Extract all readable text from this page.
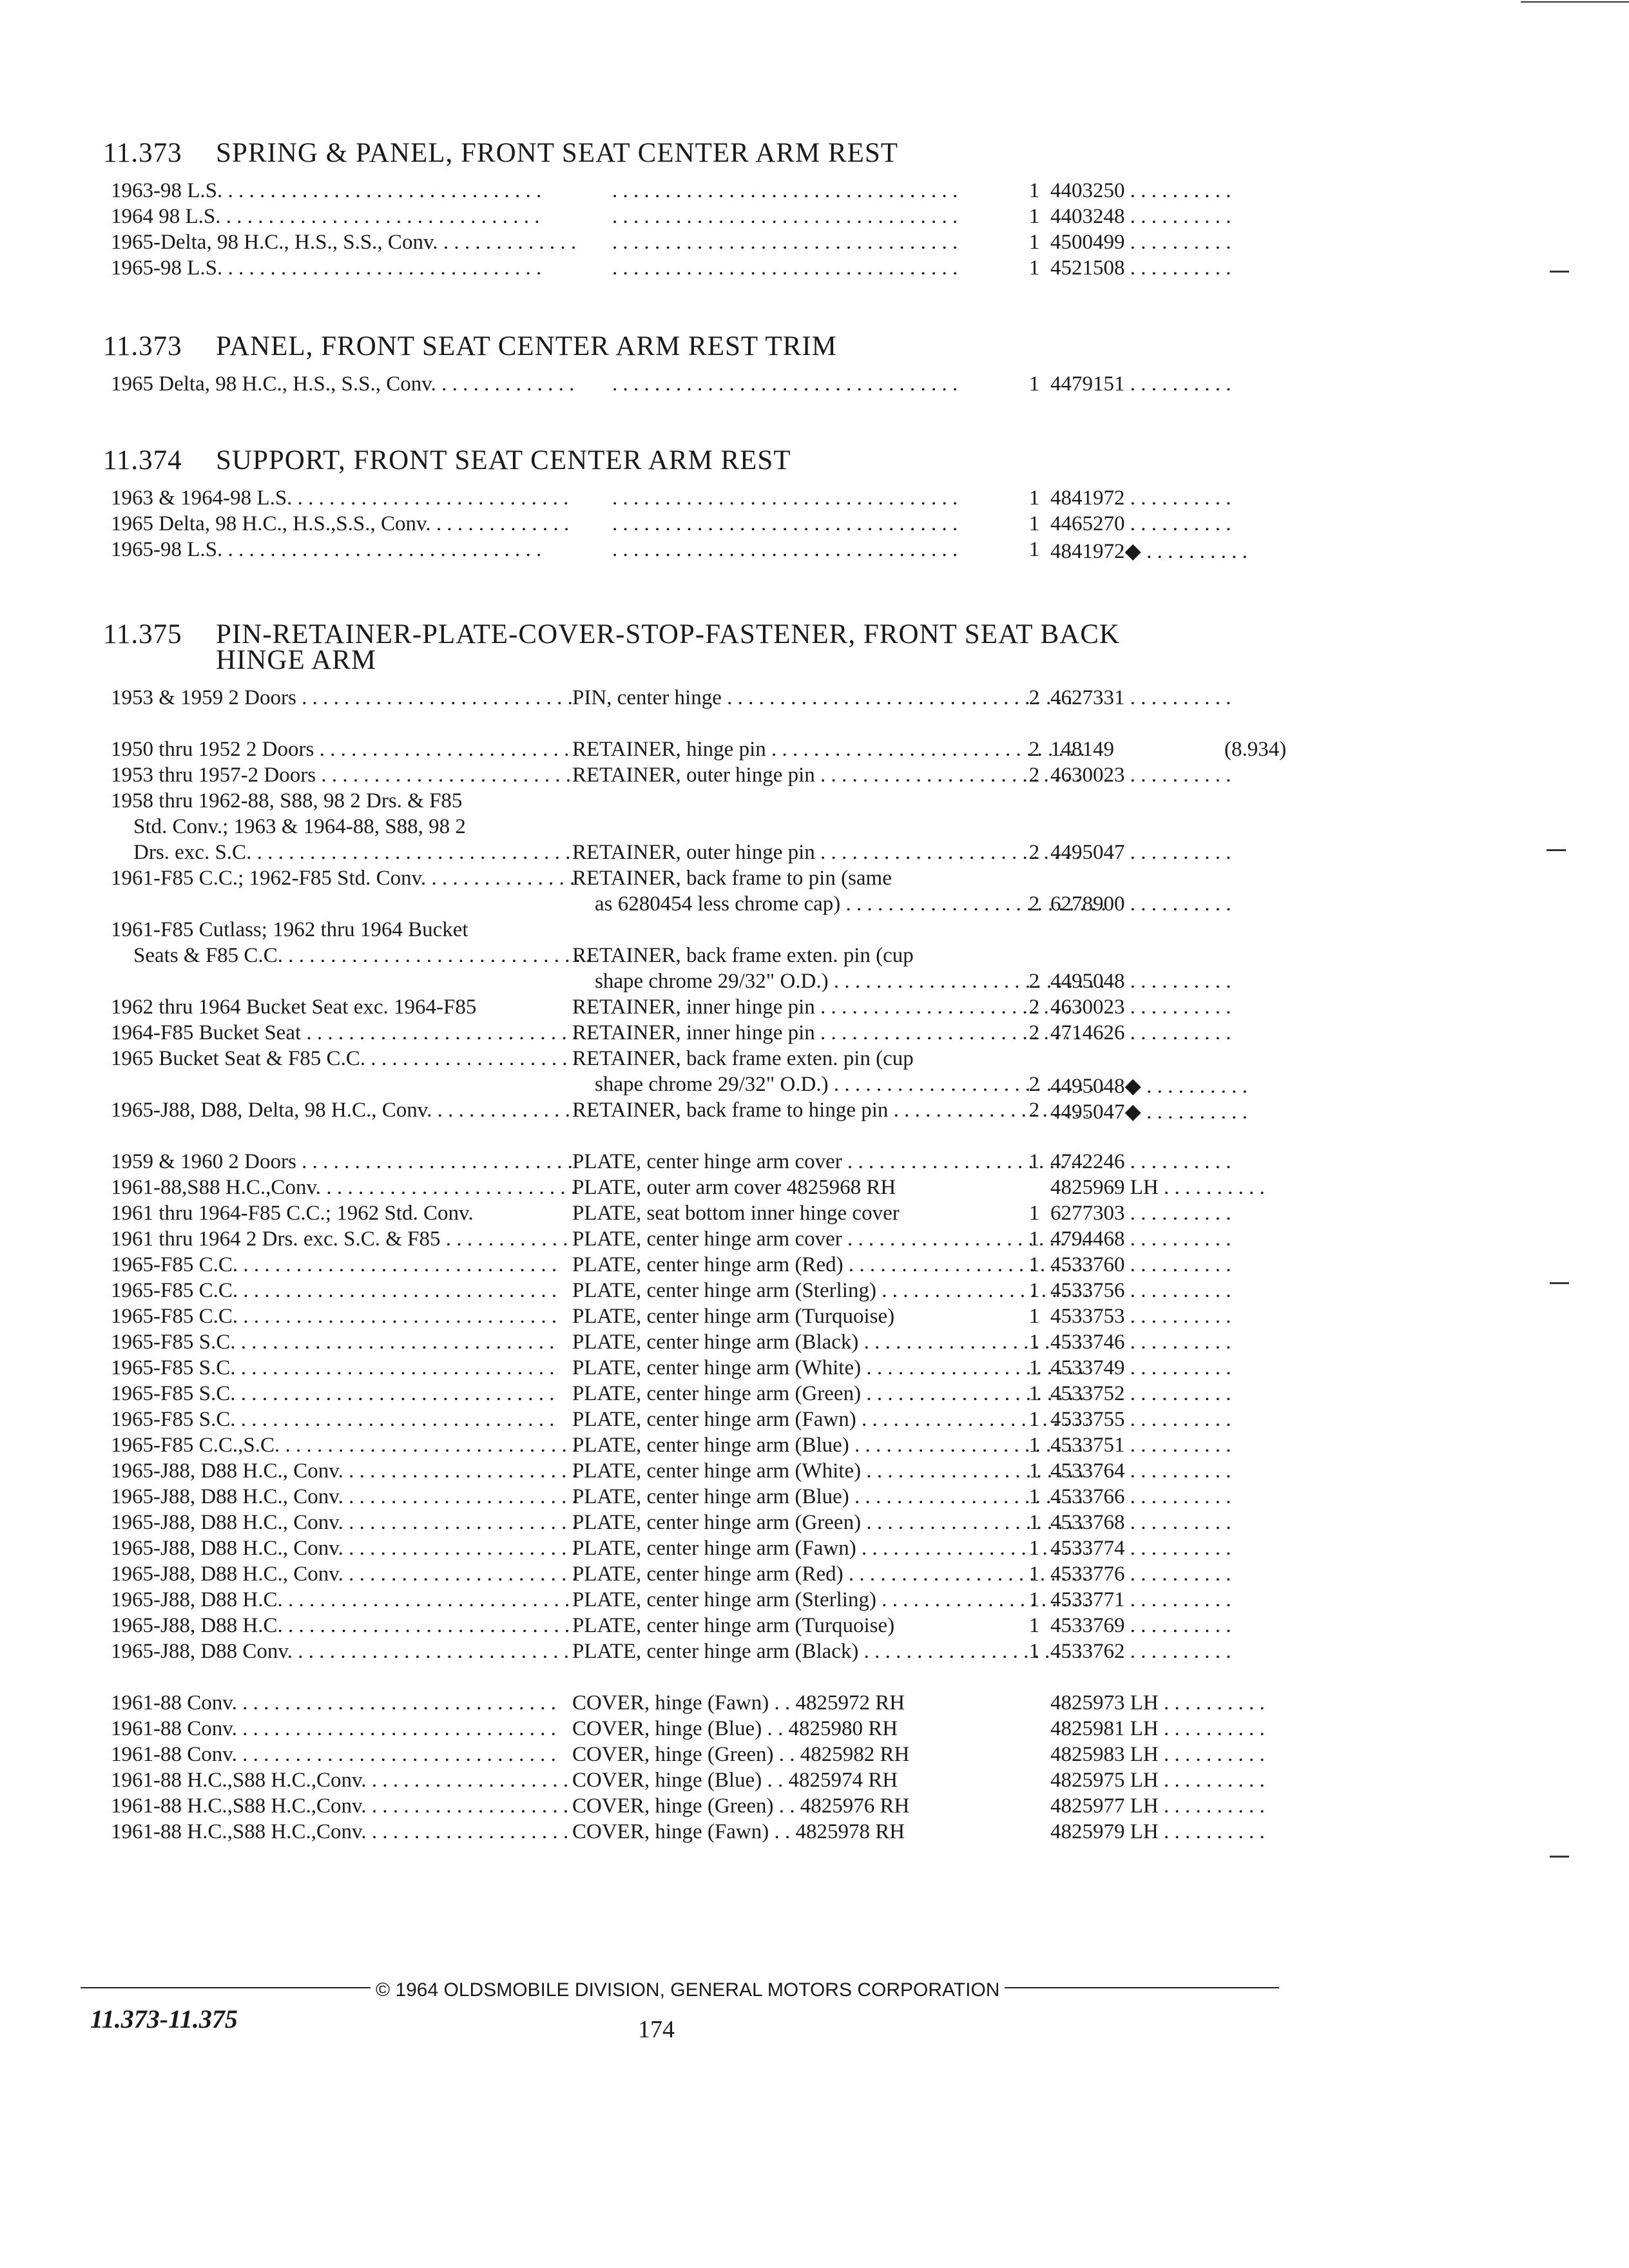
11.373	SPRING & PANEL, FRONT SEAT CENTER ARM REST
1963-98 L.S. . . . . . .	1 4403250 . . .
1964 98 L.S. . . . . . .	1 4403248 . . .
1965-Delta, 98 H.C., H.S., S.S., Conv. . . . . . .	1 4500499 . . .
1965-98 L.S. . . . . . .	1 4521508 . . .
11.373	PANEL, FRONT SEAT CENTER ARM REST TRIM
1965 Delta, 98 H.C., H.S., S.S., Conv. . . . . . .	1 4479151 . . .
11.374	SUPPORT, FRONT SEAT CENTER ARM REST
1963 & 1964-98 L.S. . . . . . .	1 4841972 . . .
1965 Delta, 98 H.C., H.S.,S.S., Conv. . . . . . .	1 4465270 . . .
1965-98 L.S. . . . . . .	1 4841972◆ . . .
11.375	PIN-RETAINER-PLATE-COVER-STOP-FASTENER, FRONT SEAT BACK HINGE ARM
1953 & 1959 2 Doors . . .	PIN, center hinge . . .	2 4627331 . . .
1950 thru 1952 2 Doors . . .	RETAINER, hinge pin . . .	2 148149	(8.934)
1953 thru 1957-2 Doors . . .	RETAINER, outer hinge pin . . .	2 4630023 . . .
1958 thru 1962-88, S88, 98 2 Drs. & F85
Std. Conv.; 1963 & 1964-88, S88, 98 2
Drs. exc. S.C. . . .	RETAINER, outer hinge pin . . .	2 4495047 . . .
1961-F85 C.C.; 1962-F85 Std. Conv. . . .	RETAINER, back frame to pin (same
as 6280454 less chrome cap) . . .	2 6278900 . . .
1961-F85 Cutlass; 1962 thru 1964 Bucket
Seats & F85 C.C. . . .	RETAINER, back frame exten. pin (cup
shape chrome 29/32" O.D.) . . .	2 4495048 . . .
1962 thru 1964 Bucket Seat exc. 1964-F85	RETAINER, inner hinge pin . . .	2 4630023 . . .
1964-F85 Bucket Seat . . .	RETAINER, inner hinge pin . . .	2 4714626 . . .
1965 Bucket Seat & F85 C.C. . . .	RETAINER, back frame exten. pin (cup
shape chrome 29/32" O.D.) . . .	2 4495048◆ . . .
1965-J88, D88, Delta, 98 H.C., Conv. . . .	RETAINER, back frame to hinge pin . . .	2 4495047◆ . . .
1959 & 1960 2 Doors . . .	PLATE, center hinge arm cover . . .	1 4742246 . . .
1961-88,S88 H.C.,Conv. . . .	PLATE, outer arm cover 4825968 RH	4825969 LH . . .
1961 thru 1964-F85 C.C.; 1962 Std. Conv.	PLATE, seat bottom inner hinge cover	1 6277303 . . .
1961 thru 1964 2 Drs. exc. S.C. & F85 . . .	PLATE, center hinge arm cover . . .	1 4794468 . . .
1965-F85 C.C. . . .	PLATE, center hinge arm (Red) . . .	1 4533760 . . .
1965-F85 C.C. . . .	PLATE, center hinge arm (Sterling) . . .	1 4533756 . . .
1965-F85 C.C. . . .	PLATE, center hinge arm (Turquoise)	1 4533753 . . .
1965-F85 S.C. . . .	PLATE, center hinge arm (Black) . . .	1 4533746 . . .
1965-F85 S.C. . . .	PLATE, center hinge arm (White) . . .	1 4533749 . . .
1965-F85 S.C. . . .	PLATE, center hinge arm (Green) . . .	1 4533752 . . .
1965-F85 S.C. . . .	PLATE, center hinge arm (Fawn) . . .	1 4533755 . . .
1965-F85 C.C.,S.C. . . .	PLATE, center hinge arm (Blue) . . .	1 4533751 . . .
1965-J88, D88 H.C., Conv. . . .	PLATE, center hinge arm (White) . . .	1 4533764 . . .
1965-J88, D88 H.C., Conv. . . .	PLATE, center hinge arm (Blue) . . .	1 4533766 . . .
1965-J88, D88 H.C., Conv. . . .	PLATE, center hinge arm (Green) . . .	1 4533768 . . .
1965-J88, D88 H.C., Conv. . . .	PLATE, center hinge arm (Fawn) . . .	1 4533774 . . .
1965-J88, D88 H.C., Conv. . . .	PLATE, center hinge arm (Red) . . .	1 4533776 . . .
1965-J88, D88 H.C. . . .	PLATE, center hinge arm (Sterling) . . .	1 4533771 . . .
1965-J88, D88 H.C. . . .	PLATE, center hinge arm (Turquoise)	1 4533769 . . .
1965-J88, D88 Conv. . . .	PLATE, center hinge arm (Black) . . .	1 4533762 . . .
1961-88 Conv. . . .	COVER, hinge (Fawn) . . 4825972 RH	4825973 LH . . .
1961-88 Conv. . . .	COVER, hinge (Blue) . . 4825980 RH	4825981 LH . . .
1961-88 Conv. . . .	COVER, hinge (Green) . . 4825982 RH	4825983 LH . . .
1961-88 H.C.,S88 H.C.,Conv. . . .	COVER, hinge (Blue) . . 4825974 RH	4825975 LH . . .
1961-88 H.C.,S88 H.C.,Conv. . . .	COVER, hinge (Green) . . 4825976 RH	4825977 LH . . .
1961-88 H.C.,S88 H.C.,Conv. . . .	COVER, hinge (Fawn) . . 4825978 RH	4825979 LH . . .
© 1964 OLDSMOBILE DIVISION, GENERAL MOTORS CORPORATION
11.373-11.375	174
